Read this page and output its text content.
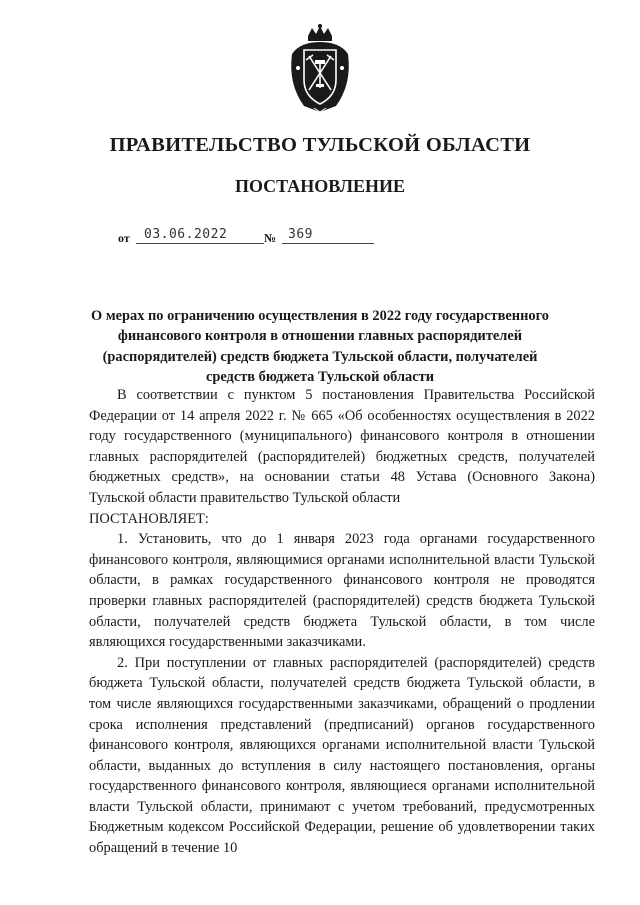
ПРАВИТЕЛЬСТВО ТУЛЬСКОЙ ОБЛАСТИ
ПОСТАНОВЛЕНИЕ
от 03.06.2022	№ 369

О мерах по ограничению осуществления в 2022 году государственного финансового контроля в отношении главных распорядителей (распорядителей) средств бюджета Тульской области, получателей средств бюджета Тульской области

В соответствии с пунктом 5 постановления Правительства Российской Федерации от 14 апреля 2022 г. № 665 «Об особенностях осуществления в 2022 году государственного (муниципального) финансового контроля в отношении главных распорядителей (распорядителей) бюджетных средств, получателей бюджетных средств», на основании статьи 48 Устава (Основного Закона) Тульской области правительство Тульской области

ПОСТАНОВЛЯЕТ:

1. Установить, что до 1 января 2023 года органами государственного финансового контроля, являющимися органами исполнительной власти Тульской области, в рамках государственного финансового контроля не проводятся проверки главных распорядителей (распорядителей) средств бюджета Тульской области, получателей средств бюджета Тульской области, в том числе являющихся государственными заказчиками.

2. При поступлении от главных распорядителей (распорядителей) средств бюджета Тульской области, получателей средств бюджета Тульской области, в том числе являющихся государственными заказчиками, обращений о продлении срока исполнения представлений (предписаний) органов государственного финансового контроля, являющихся органами исполнительной власти Тульской области, выданных до вступления в силу настоящего постановления, органы государственного финансового контроля, являющиеся органами исполнительной власти Тульской области, принимают с учетом требований, предусмотренных Бюджетным кодексом Российской Федерации, решение об удовлетворении таких обращений в течение 10
